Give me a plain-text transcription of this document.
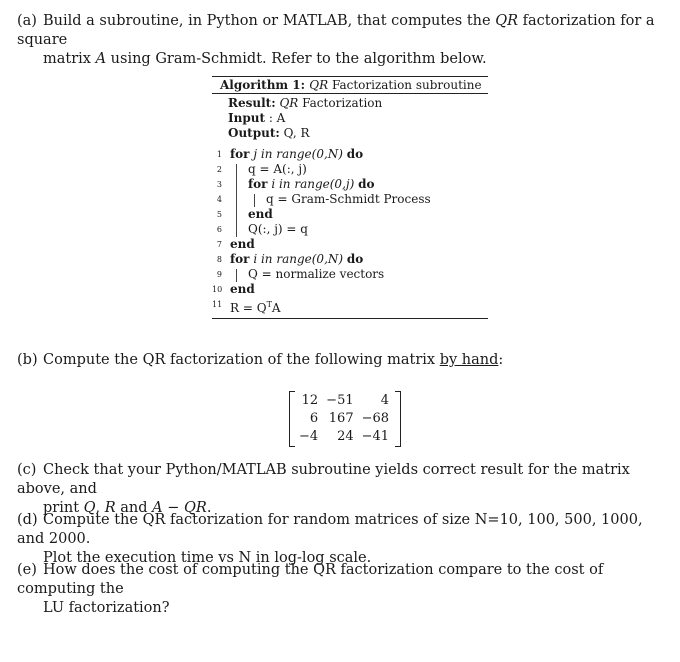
(a) Build a subroutine, in Python or MATLAB, that computes the QR factorization for a square
matrix A using Gram-Schmidt. Refer to the algorithm below.
Algorithm 1: QR Factorization subroutine
Result: QR Factorization
Input : A
Output: Q, R
1 for j in range(0,N) do
2 q = A(:, j)
3 for i in range(0,j) do
4	q = Gram-Schmidt Process
5 end
6 Q(:, j) = q
7 end
8 for i in range(0,N) do
9 Q = normalize vectors
10 end
11 $R = Q^TA$
(b) Compute the QR factorization of the following matrix by hand:
12	−51	4
6	167	−68
−4	24	−41
(c) Check that your Python/MATLAB subroutine yields correct result for the matrix above, and
print Q, R and A − QR.
(d) Compute the QR factorization for random matrices of size N=10, 100, 500, 1000, and 2000.
Plot the execution time vs N in log-log scale.
(e) How does the cost of computing the QR factorization compare to the cost of computing the
LU factorization?
